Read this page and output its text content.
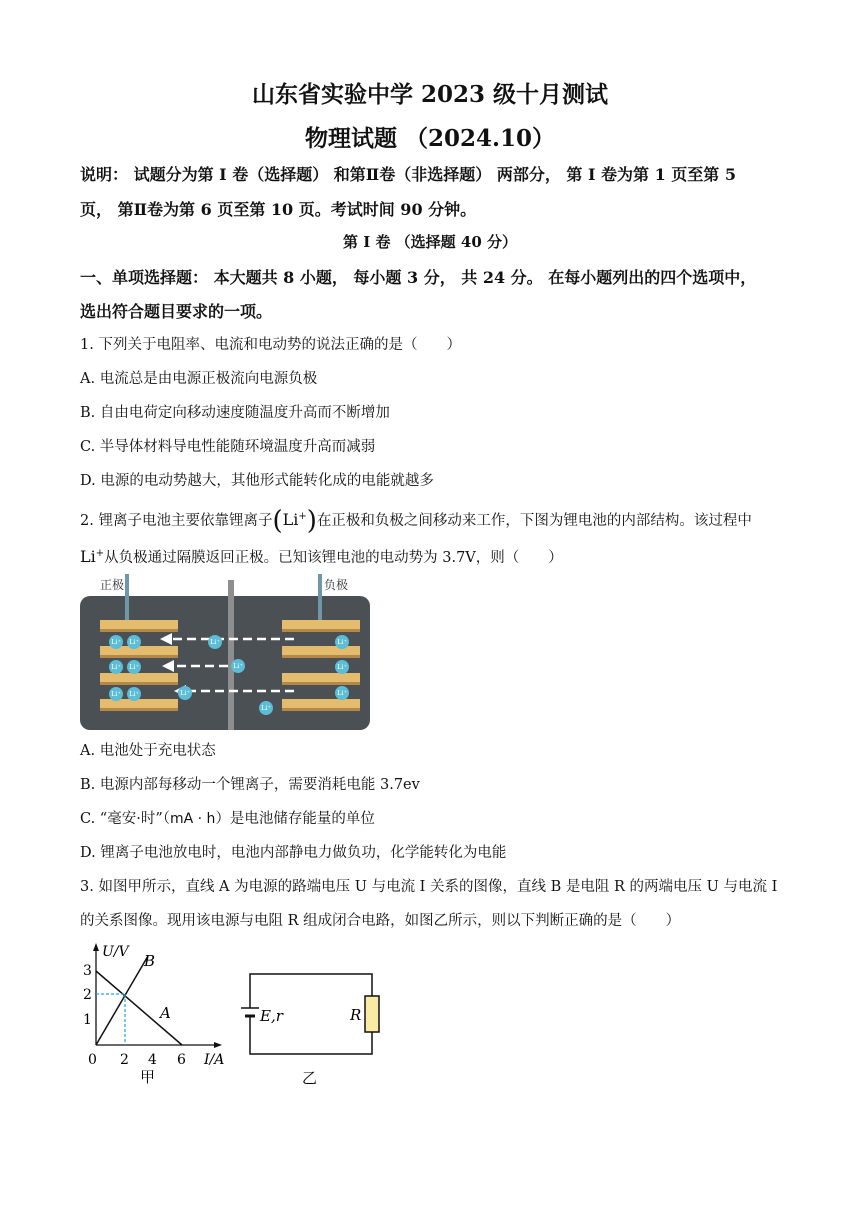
山东省实验中学 2023 级十月测试
物理试题 （2024.10）
说明： 试题分为第 I 卷（选择题） 和第Ⅱ卷（非选择题） 两部分， 第 I 卷为第 1 页至第 5
页， 第Ⅱ卷为第 6 页至第 10 页。考试时间 90 分钟。
第 I 卷 （选择题 40 分）
一、单项选择题： 本大题共 8 小题， 每小题 3 分， 共 24 分。 在每小题列出的四个选项中，
选出符合题目要求的一项。
1. 下列关于电阻率、电流和电动势的说法正确的是（　　）
A. 电流总是由电源正极流向电源负极
B. 自由电荷定向移动速度随温度升高而不断增加
C. 半导体材料导电性能随环境温度升高而减弱
D. 电源的电动势越大，其他形式能转化成的电能就越多
2. 锂离子电池主要依靠锂离子(Li+)在正极和负极之间移动来工作，下图为锂电池的内部结构。该过程中
Li+从负极通过隔膜返回正极。已知该锂电池的电动势为 3.7V，则（　　）
正极	负极
Li⁺ Li⁺
Li⁺ Li⁺
Li⁺ Li⁺
Li⁺
Li⁺
Li⁺
Li⁺
Li⁺
Li⁺
Li⁺
A. 电池处于充电状态
B. 电源内部每移动一个锂离子，需要消耗电能 3.7ev
C. “毫安·时”（mA · h）是电池储存能量的单位
D. 锂离子电池放电时，电池内部静电力做负功，化学能转化为电能
3. 如图甲所示，直线 A 为电源的路端电压 U 与电流 I 关系的图像，直线 B 是电阻 R 的两端电压 U 与电流 I
的关系图像。现用该电源与电阻 R 组成闭合电路，如图乙所示，则以下判断正确的是（　　）
U/V
I/A
B
A
1
2
3
0 2 4 6
甲
E,r	R
乙
